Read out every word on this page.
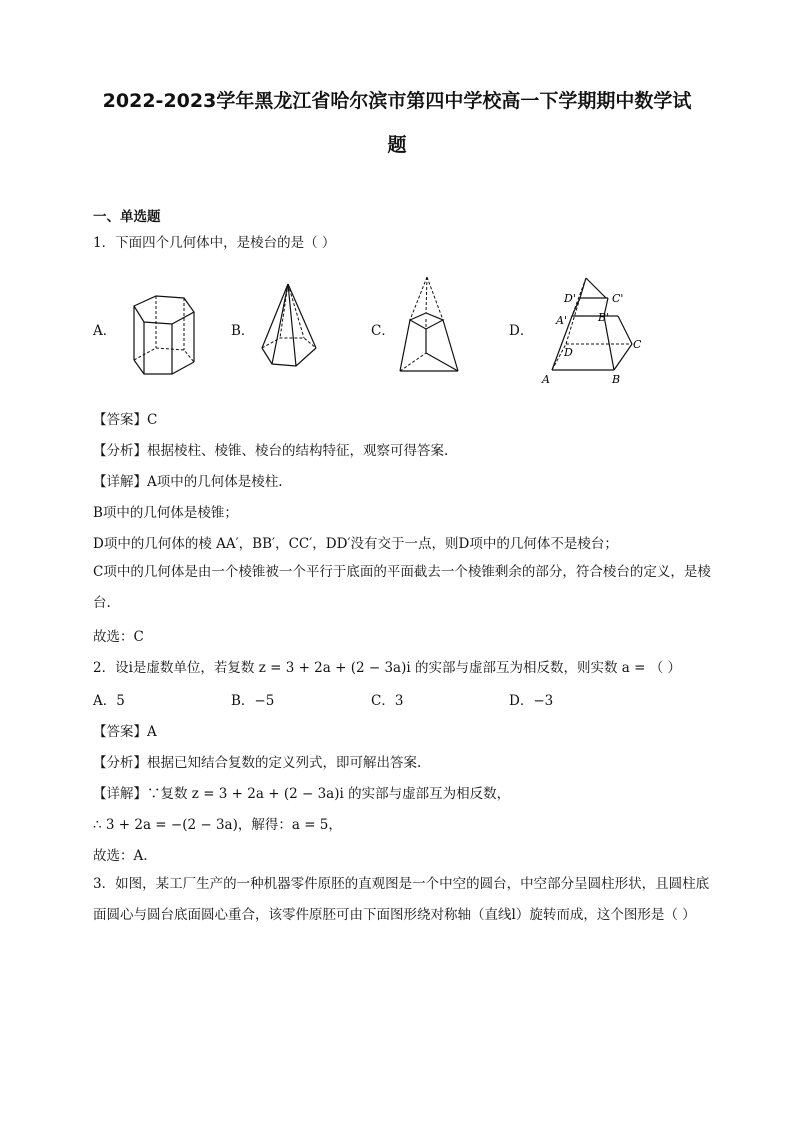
2022-2023学年黑龙江省哈尔滨市第四中学校高一下学期期中数学试
题
一、单选题
1．下面四个几何体中，是棱台的是（ ）
A．	B．	C．	D．
D'	C'
A'	B'
D
C
A	B
【答案】C
【分析】根据棱柱、棱锥、棱台的结构特征，观察可得答案.
【详解】A项中的几何体是棱柱.
B项中的几何体是棱锥；
D项中的几何体的棱 AA′，BB′，CC′，DD′没有交于一点，则D项中的几何体不是棱台；
C项中的几何体是由一个棱锥被一个平行于底面的平面截去一个棱锥剩余的部分，符合棱台的定义，是棱台.
故选：C
2．设i是虚数单位，若复数 z = 3 + 2a + (2 − 3a)i 的实部与虚部互为相反数，则实数 a = （ ）
A．5	B．−5	C．3	D．−3
【答案】A
【分析】根据已知结合复数的定义列式，即可解出答案.
【详解】∵复数 z = 3 + 2a + (2 − 3a)i 的实部与虚部互为相反数，
∴ 3 + 2a = −(2 − 3a)，解得：a = 5，
故选：A.
3．如图，某工厂生产的一种机器零件原胚的直观图是一个中空的圆台，中空部分呈圆柱形状，且圆柱底面圆心与圆台底面圆心重合，该零件原胚可由下面图形绕对称轴（直线l）旋转而成，这个图形是（ ）
